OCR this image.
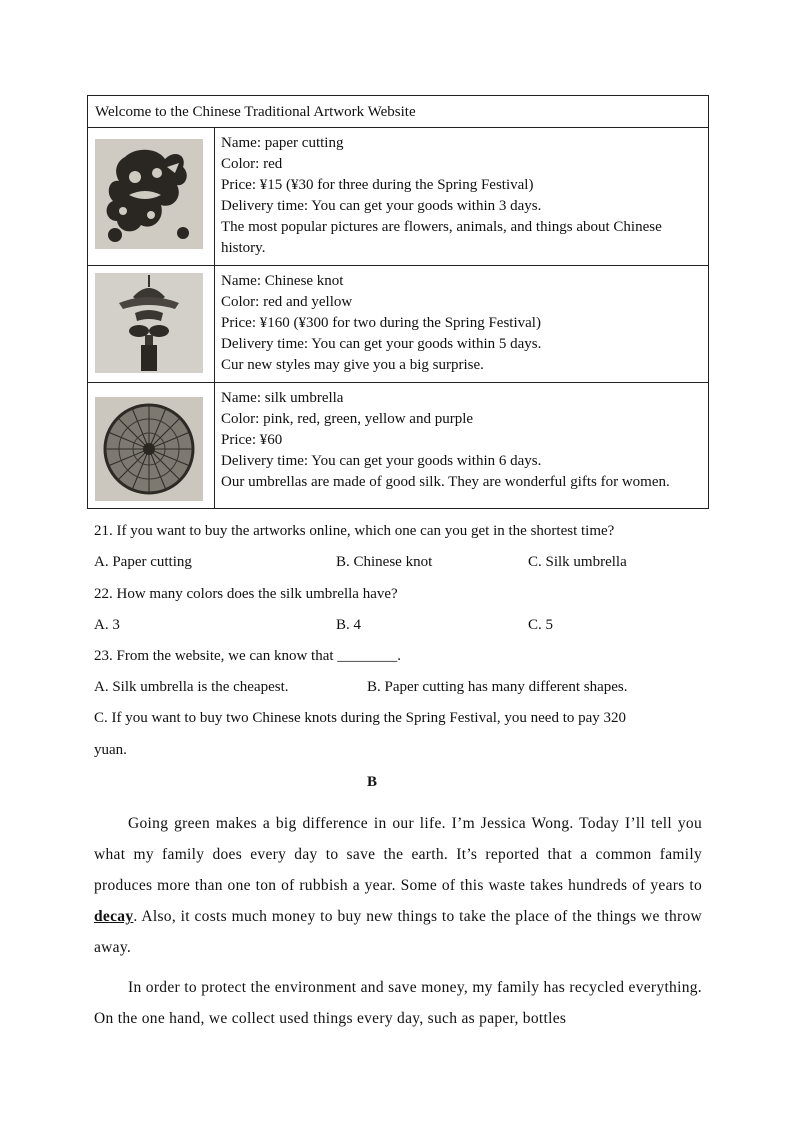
Welcome to the Chinese Traditional Artwork Website	

Name: paper cutting
Color: red
Price: ¥15 (¥30 for three during the Spring Festival)
Delivery time: You can get your goods within 3 days.
The most popular pictures are flowers, animals, and things about Chinese history.

Name: Chinese knot
Color: red and yellow
Price: ¥160 (¥300 for two during the Spring Festival)
Delivery time: You can get your goods within 5 days.
Cur new styles may give you a big surprise.

Name: silk umbrella
Color: pink, red, green, yellow and purple
Price: ¥60
Delivery time: You can get your goods within 6 days.
Our umbrellas are made of good silk. They are wonderful gifts for women.
21. If you want to buy the artworks online, which one can you get in the shortest time?
A. Paper cutting	B. Chinese knot	C. Silk umbrella
22. How many colors does the silk umbrella have?
A. 3	B. 4	C. 5
23. From the website, we can know that ________.
A. Silk umbrella is the cheapest.	B. Paper cutting has many different shapes.
C. If you want to buy two Chinese knots during the Spring Festival, you need to pay 320
yuan.
B
Going green makes a big difference in our life. I’m Jessica Wong. Today I’ll tell you what my family does every day to save the earth. It’s reported that a common family produces more than one ton of rubbish a year. Some of this waste takes hundreds of years to decay. Also, it costs much money to buy new things to take the place of the things we throw away.
In order to protect the environment and save money, my family has recycled everything. On the one hand, we collect used things every day, such as paper, bottles
